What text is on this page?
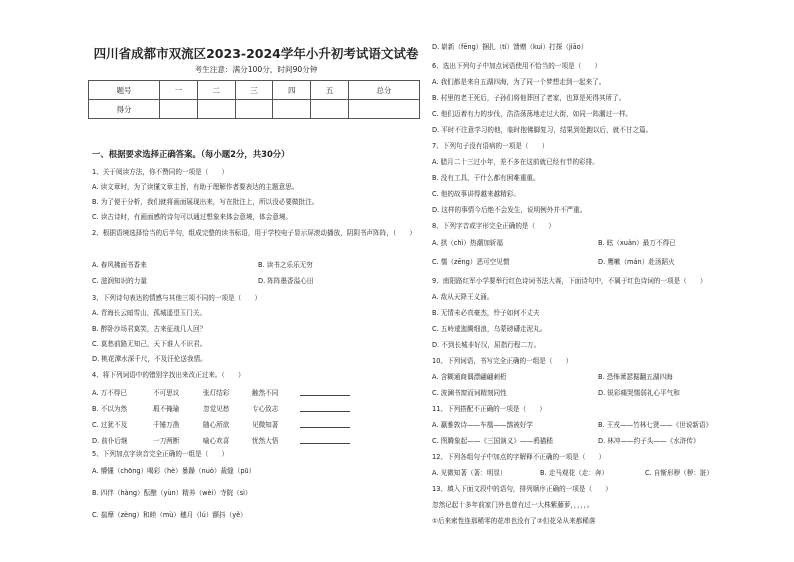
四川省成都市双流区2023-2024学年小升初考试语文试卷
考生注意：满分100分，时间90分钟
题号	一	二	三	四	五	总分
得分						
一、根据要求选择正确答案。（每小题2分，共30分）
1、关于阅读方法，你不赞同的一项是（　　）
A. 读文章时，为了读懂文章主旨，有助于理解作者要表达的主题意思。
B. 为了便于分析，我们就将画面展现出来，写在批注上，所以没必要做批注。
C. 读古诗时，有画面感的诗句可以通过想象来体会意境，体会意境。
2、根据语境选择恰当的后半句，组成完整的读书标语，用于学校电子显示屏滚动播放，阴阴书声阵阵，（　　）
A. 春风拂面书香来	B. 读书之乐乐无穷
C. 滋润知识的力量	D. 阵阵墨香溢心田
3、下列诗句表达的情感与其他三项不同的一项是（　　）
A. 青海长云暗雪山，孤城遥望玉门关。
B. 醉卧沙场君莫笑，古来征战几人回？
C. 莫愁前路无知己，天下谁人不识君。
D. 桃花潭水深千尺，不及汪伦送我情。
4、将下列词语中的错别字找出来改正过来。（　　）
A. 万不得已	不可思议	张灯结彩	触然不同
B. 不以为然	瑕不掩瑜	忽觉见愁	专心致志
C. 过犹不及	千锤万凿	随心所欲	见微知著
D. 前仆后继	一刀两断	喻心欢喜	忧然大悟
5、下列加点字读音完全正确的一组是（　　）
A. 懵懂（chōng）喝彩（hè）暴躁（nuò）裁缝（pū）
B. 四伴（hàng）酝酿（yùn）精养（wèi）寺院（sì）
C. 揣摩（zèng）和睦（mù）穗月（lú）颤抖（yě）
D. 崭新（fēng）捆扎（tí）馈赠（kuì）打探（jiāo）
6、选出下列句子中加点词语使用不恰当的一项是（　　）
A. 我们都是来自五湖四海，为了同一个梦想走到一起来了。
B. 村里的老王死后，子孙们将他葬回了老家，也算是死得其所了。
C. 他们迈着有力的步伐，浩浩荡荡地走过大街，如同一阵潮过一样。
D. 平时不注意学习的他，临时抱佛脚复习，结果到处跑以后，就不甘之篇。
7、下列句子没有语病的一项是（　　）
A. 腊月二十三过小年，差不多在这前就已经有节的彩排。
B. 没有工具，干什么都有困难重重。
C. 他的故事讲得越来越精彩。
D. 这样的事情今后绝不会发生，说明例外并不严重。
8、下列字音或字形完全正确的是（　　）
A. 拱（chì）热潮加斩福	B. 眩（xuàn）最万不得已
C. 懦（zēng）恶可空见惯	D. 鹰嗽（mán）赴汤蹈火
9、南阳路红军小学要举行红色诗词书法大赛，下面诗句中，不属于红色诗词的一项是（　　）
A. 敌从天降王义涌。
B. 无情未必真豪杰，怜子如何不丈夫
C. 五岭逶迤腾细浪，乌蒙磅礴走泥丸。
D. 不到长城非好汉，屈指行程二万。
10、下列词语，书写完全正确的一组是（　　）
A. 含糊通商偶漂翩翩刺桁	B. 恐怖萧瑟掘翻五湖四海
C. 波澜书窗而词精刻同性	D. 锐彩痛哭懦弱礼心平气和
11、下列搭配不正确的一项是（　　）
A. 赢雅敦诗——车凰——鹊被好学	B. 王戎——竹林七贤——《世说新语》
C. 图腾象起——《三国演义》——鸦猫嵇	D. 林冲——约子头——《水浒传》
12、下列各组句子中加点的字解释不正确的一项是（　　）
A. 见微知著（著：明显）	B. 走马观花（走：奔）	C. 自惭形秽（秽：脏）
13、填入下面文段中的语句，排列顺序正确的一项是（　　）
忽然记起十多年前家门外也曾有过一大株紫藤萝，，，，，。
①后来索性连那稀零的花串也没有了②但花朵从来都稀落
